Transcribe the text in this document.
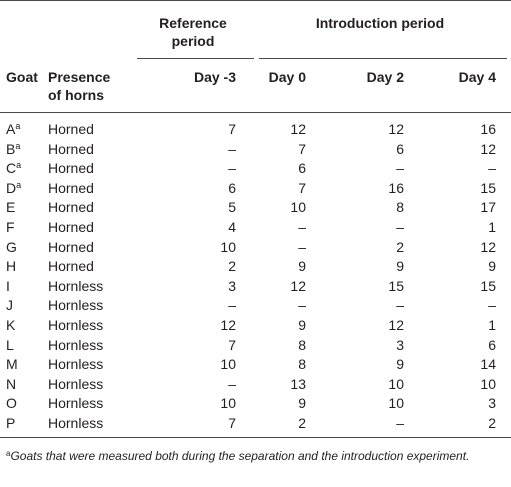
Reference
period
Introduction period
Goat Presence
of horns
Day -3	Day 0	Day 2	Day 4
$A^a$ Horned	7	12	12	16
$B^a$ Horned	–	7	6	12
$C^a$ Horned	–	6	–	–
$D^a$ Horned	6	7	16	15
E Horned	5	10	8	17
F Horned	4	–	–	1
G Horned	10	–	2	12
H Horned	2	9	9	9
I	Hornless	3	12	15	15
J	Hornless	–	–	–	–
K Hornless	12	9	12	1
L Hornless	7	8	3	6
M Hornless	10	8	9	14
N Hornless	–	13	10	10
O Hornless	10	9	10	3
P Hornless	7	2	–	2
$^a$Goats that were measured both during the separation and the introduction experiment.
